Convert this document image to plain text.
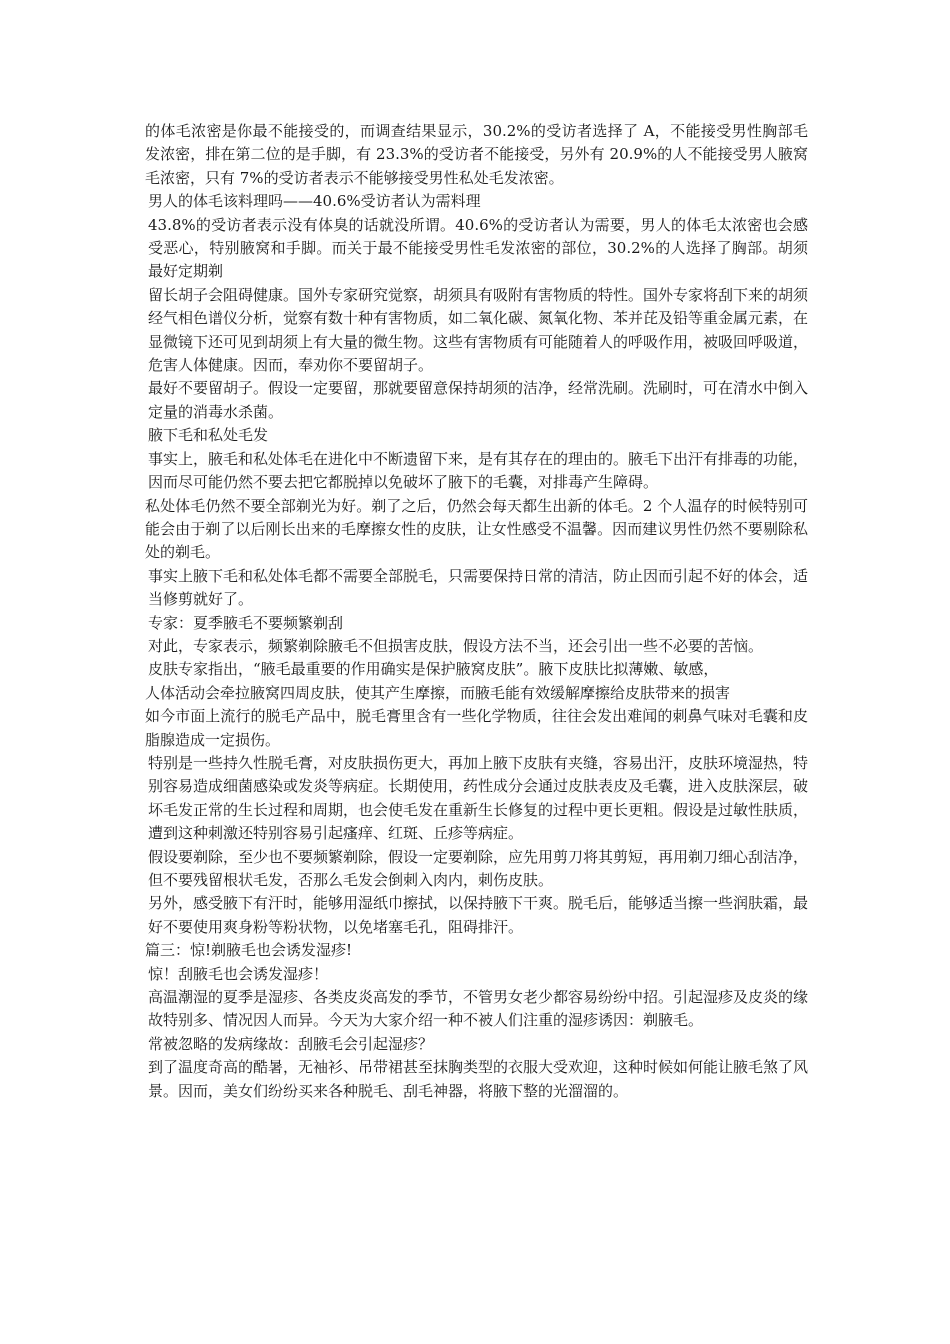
的体毛浓密是你最不能接受的，而调查结果显示，30.2%的受访者选择了 A，不能接受男性胸部毛发浓密，排在第二位的是手脚，有 23.3%的受访者不能接受，另外有 20.9%的人不能接受男人腋窝毛浓密，只有 7%的受访者表示不能够接受男性私处毛发浓密。

男人的体毛该料理吗——40.6%受访者认为需料理

43.8%的受访者表示没有体臭的话就没所谓。40.6%的受访者认为需要，男人的体毛太浓密也会感受恶心，特别腋窝和手脚。而关于最不能接受男性毛发浓密的部位，30.2%的人选择了胸部。胡须最好定期剃

留长胡子会阻碍健康。国外专家研究觉察，胡须具有吸附有害物质的特性。国外专家将刮下来的胡须经气相色谱仪分析，觉察有数十种有害物质，如二氧化碳、氮氧化物、苯并芘及铅等重金属元素，在显微镜下还可见到胡须上有大量的微生物。这些有害物质有可能随着人的呼吸作用，被吸回呼吸道，危害人体健康。因而，奉劝你不要留胡子。

最好不要留胡子。假设一定要留，那就要留意保持胡须的洁净，经常洗刷。洗刷时，可在清水中倒入定量的消毒水杀菌。

腋下毛和私处毛发

事实上，腋毛和私处体毛在进化中不断遗留下来，是有其存在的理由的。腋毛下出汗有排毒的功能，因而尽可能仍然不要去把它都脱掉以免破坏了腋下的毛囊，对排毒产生障碍。

私处体毛仍然不要全部剃光为好。剃了之后，仍然会每天都生出新的体毛。2 个人温存的时候特别可能会由于剃了以后刚长出来的毛摩擦女性的皮肤，让女性感受不温馨。因而建议男性仍然不要剔除私处的剃毛。

事实上腋下毛和私处体毛都不需要全部脱毛，只需要保持日常的清洁，防止因而引起不好的体会，适当修剪就好了。

专家：夏季腋毛不要频繁剃刮

对此，专家表示，频繁剃除腋毛不但损害皮肤，假设方法不当，还会引出一些不必要的苦恼。

皮肤专家指出，“腋毛最重要的作用确实是保护腋窝皮肤”。腋下皮肤比拟薄嫩、敏感，

人体活动会牵拉腋窝四周皮肤，使其产生摩擦，而腋毛能有效缓解摩擦给皮肤带来的损害

如今市面上流行的脱毛产品中，脱毛膏里含有一些化学物质，往往会发出难闻的刺鼻气味对毛囊和皮脂腺造成一定损伤。

特别是一些持久性脱毛膏，对皮肤损伤更大，再加上腋下皮肤有夹缝，容易出汗，皮肤环境湿热，特别容易造成细菌感染或发炎等病症。长期使用，药性成分会通过皮肤表皮及毛囊，进入皮肤深层，破坏毛发正常的生长过程和周期，也会使毛发在重新生长修复的过程中更长更粗。假设是过敏性肤质，遭到这种刺激还特别容易引起瘙痒、红斑、丘疹等病症。

假设要剃除，至少也不要频繁剃除，假设一定要剃除，应先用剪刀将其剪短，再用剃刀细心刮洁净，但不要残留根状毛发，否那么毛发会倒刺入肉内，刺伤皮肤。

另外，感受腋下有汗时，能够用湿纸巾擦拭，以保持腋下干爽。脱毛后，能够适当擦一些润肤霜，最好不要使用爽身粉等粉状物，以免堵塞毛孔，阻碍排汗。

篇三：惊!剃腋毛也会诱发湿疹!

惊！刮腋毛也会诱发湿疹！

高温潮湿的夏季是湿疹、各类皮炎高发的季节，不管男女老少都容易纷纷中招。引起湿疹及皮炎的缘故特别多、情况因人而异。今天为大家介绍一种不被人们注重的湿疹诱因：剃腋毛。

常被忽略的发病缘故：刮腋毛会引起湿疹？

到了温度奇高的酷暑，无袖衫、吊带裙甚至抹胸类型的衣服大受欢迎，这种时候如何能让腋毛煞了风景。因而，美女们纷纷买来各种脱毛、刮毛神器，将腋下整的光溜溜的。
